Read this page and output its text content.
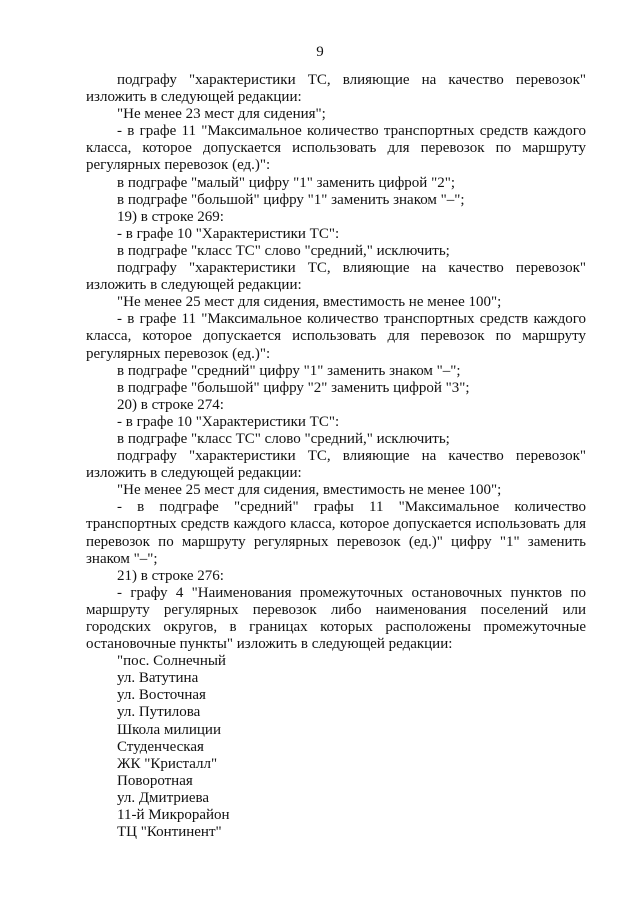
9

подграфу "характеристики ТС, влияющие на качество перевозок" изложить в следующей редакции:

"Не менее 23 мест для сидения";

- в графе 11 "Максимальное количество транспортных средств каждого класса, которое допускается использовать для перевозок по маршруту регулярных перевозок (ед.)":

в подграфе "малый" цифру "1" заменить цифрой "2";

в подграфе "большой" цифру "1" заменить знаком "–";

19) в строке 269:

- в графе 10 "Характеристики ТС":

в подграфе "класс ТС" слово "средний," исключить;

подграфу "характеристики ТС, влияющие на качество перевозок" изложить в следующей редакции:

"Не менее 25 мест для сидения, вместимость не менее 100";

- в графе 11 "Максимальное количество транспортных средств каждого класса, которое допускается использовать для перевозок по маршруту регулярных перевозок (ед.)":

в подграфе "средний" цифру "1" заменить знаком "–";

в подграфе "большой" цифру "2" заменить цифрой "3";

20) в строке 274:

- в графе 10 "Характеристики ТС":

в подграфе "класс ТС" слово "средний," исключить;

подграфу "характеристики ТС, влияющие на качество перевозок" изложить в следующей редакции:

"Не менее 25 мест для сидения, вместимость не менее 100";

- в подграфе "средний" графы 11 "Максимальное количество транспортных средств каждого класса, которое допускается использовать для перевозок по маршруту регулярных перевозок (ед.)" цифру "1" заменить знаком "–";

21) в строке 276:

- графу 4 "Наименования промежуточных остановочных пунктов по маршруту регулярных перевозок либо наименования поселений или городских округов, в границах которых расположены промежуточные остановочные пункты" изложить в следующей редакции:

"пос. Солнечный

ул. Ватутина

ул. Восточная

ул. Путилова

Школа милиции

Студенческая

ЖК "Кристалл"

Поворотная

ул. Дмитриева

11-й Микрорайон

ТЦ "Континент"
